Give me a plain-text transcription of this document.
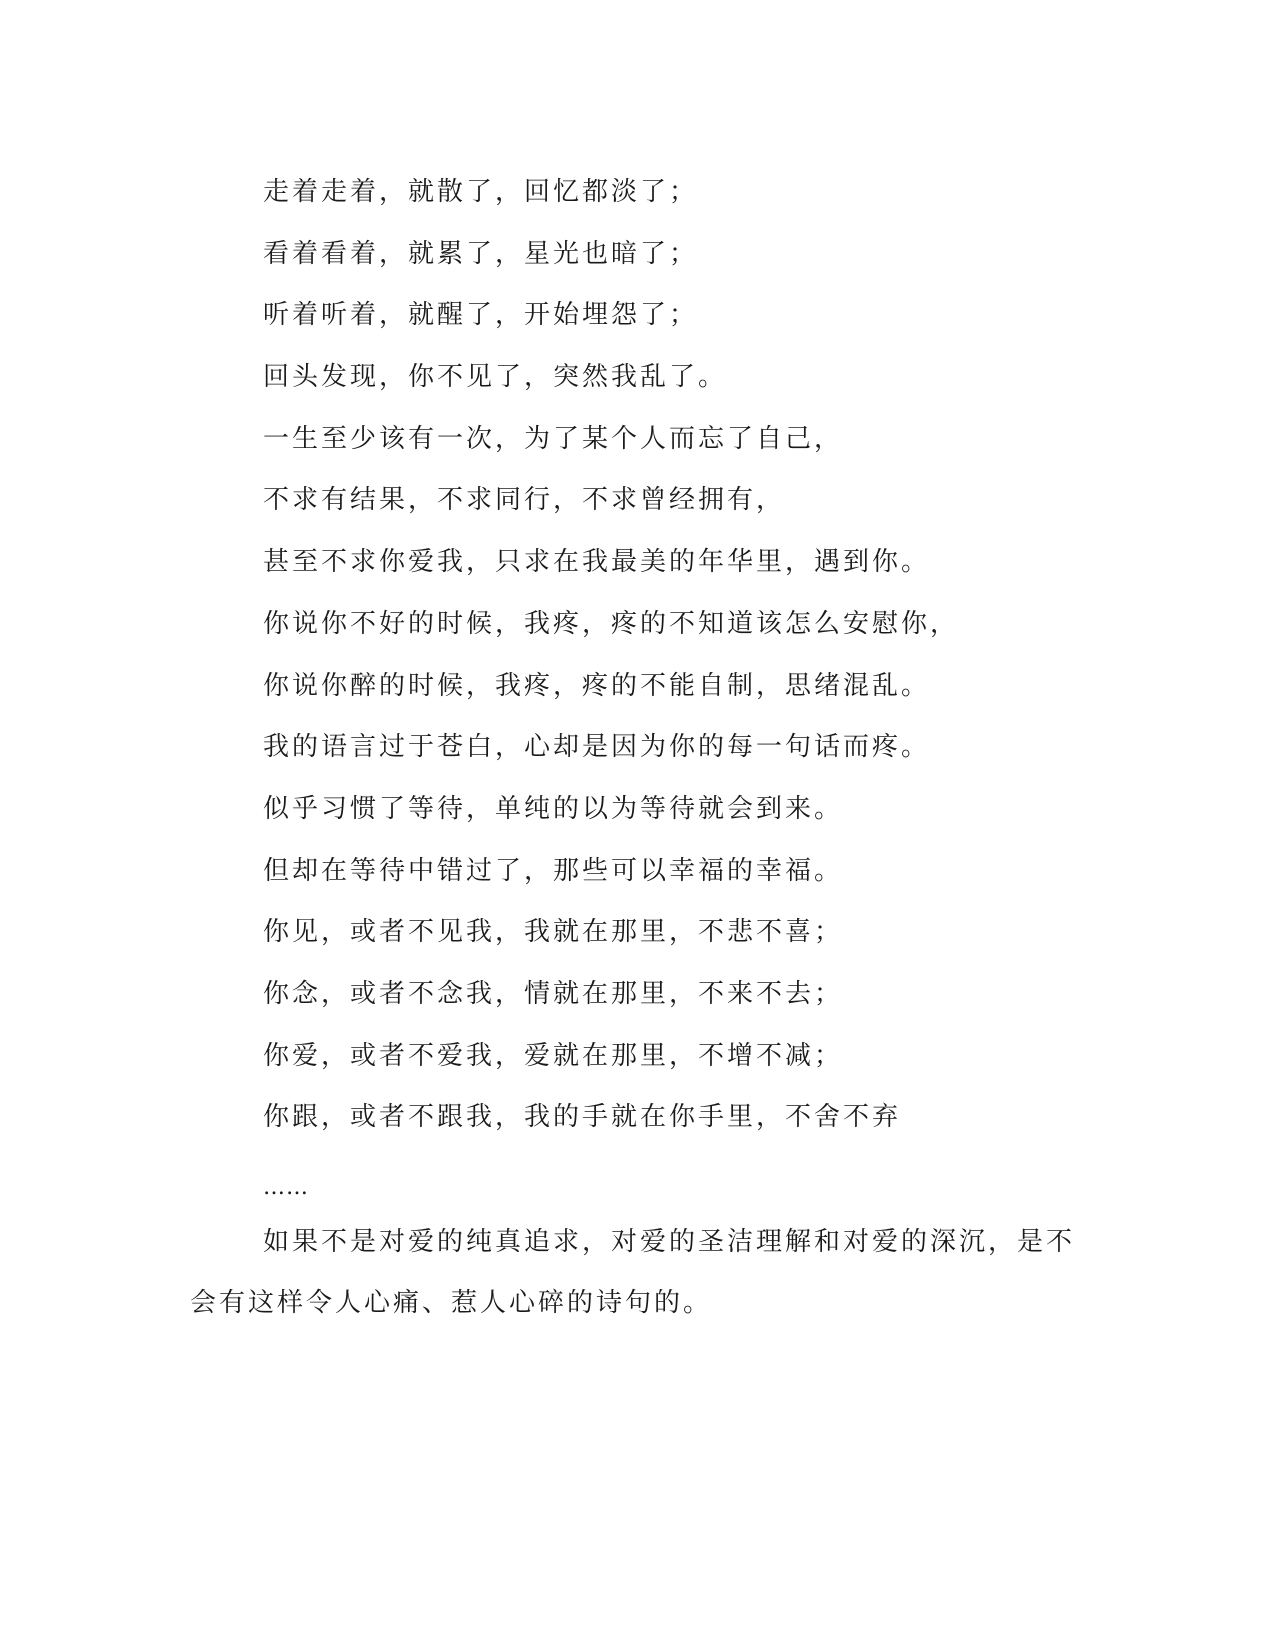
走着走着，就散了，回忆都淡了；
看着看着，就累了，星光也暗了；
听着听着，就醒了，开始埋怨了；
回头发现，你不见了，突然我乱了。
一生至少该有一次，为了某个人而忘了自己，
不求有结果，不求同行，不求曾经拥有，
甚至不求你爱我，只求在我最美的年华里，遇到你。
你说你不好的时候，我疼，疼的不知道该怎么安慰你，
你说你醉的时候，我疼，疼的不能自制，思绪混乱。
我的语言过于苍白，心却是因为你的每一句话而疼。
似乎习惯了等待，单纯的以为等待就会到来。
但却在等待中错过了，那些可以幸福的幸福。
你见，或者不见我，我就在那里，不悲不喜；
你念，或者不念我，情就在那里，不来不去；
你爱，或者不爱我，爱就在那里，不增不减；
你跟，或者不跟我，我的手就在你手里，不舍不弃
……

如果不是对爱的纯真追求，对爱的圣洁理解和对爱的深沉，是不会有这样令人心痛、惹人心碎的诗句的。
